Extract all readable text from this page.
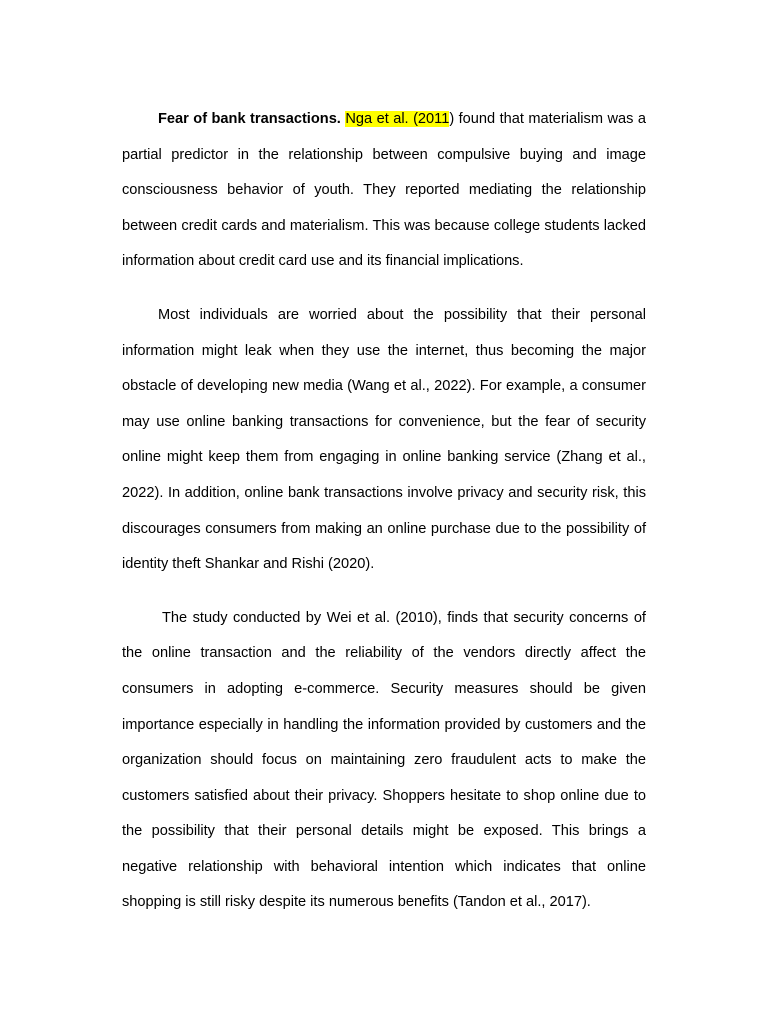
Fear of bank transactions. Nga et al. (2011) found that materialism was a partial predictor in the relationship between compulsive buying and image consciousness behavior of youth. They reported mediating the relationship between credit cards and materialism. This was because college students lacked information about credit card use and its financial implications.

Most individuals are worried about the possibility that their personal information might leak when they use the internet, thus becoming the major obstacle of developing new media (Wang et al., 2022). For example, a consumer may use online banking transactions for convenience, but the fear of security online might keep them from engaging in online banking service (Zhang et al., 2022). In addition, online bank transactions involve privacy and security risk, this discourages consumers from making an online purchase due to the possibility of identity theft Shankar and Rishi (2020).

The study conducted by Wei et al. (2010), finds that security concerns of the online transaction and the reliability of the vendors directly affect the consumers in adopting e-commerce. Security measures should be given importance especially in handling the information provided by customers and the organization should focus on maintaining zero fraudulent acts to make the customers satisfied about their privacy. Shoppers hesitate to shop online due to the possibility that their personal details might be exposed. This brings a negative relationship with behavioral intention which indicates that online shopping is still risky despite its numerous benefits (Tandon et al., 2017).
